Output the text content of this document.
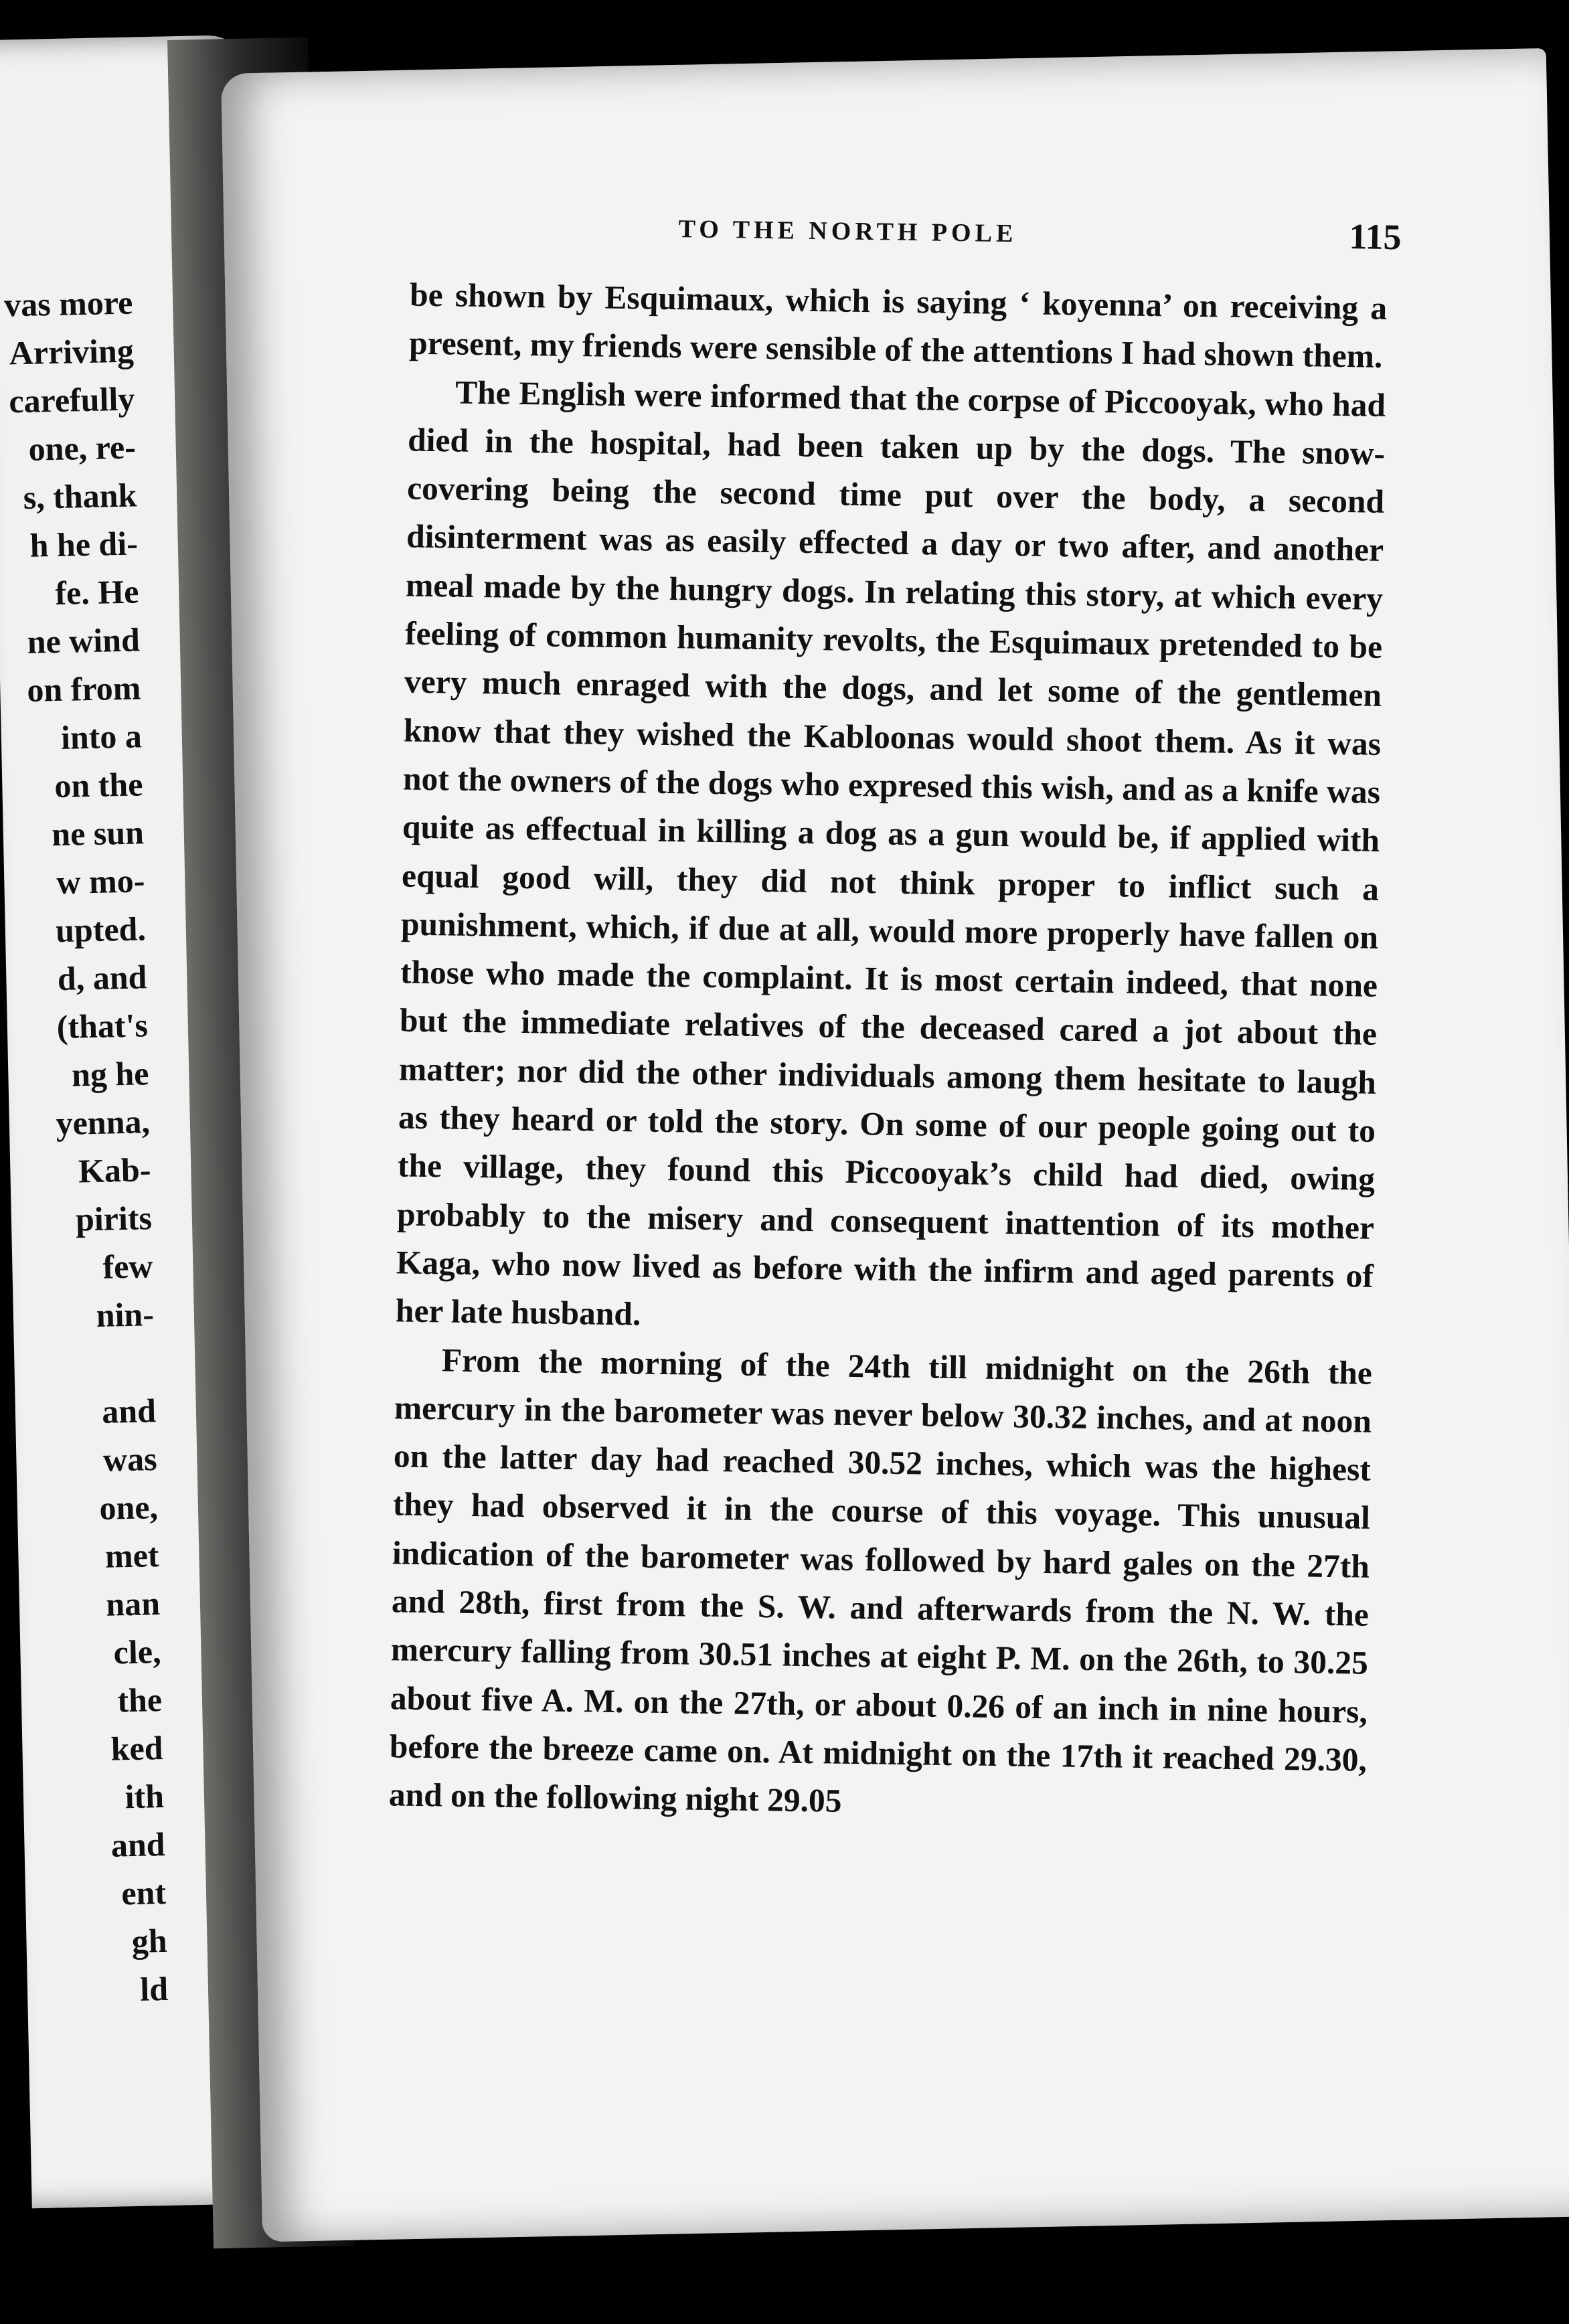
vas more
Arriving
carefully
one, re-
s, thank
h he di-
fe. He
ne wind
on from
into a
on the
ne sun
w mo-
upted.
d, and
(that's
ng he
yenna,
Kab-
pirits
few
nin-
and
was
one,
met
nan
cle,
the
ked
ith
and
ent
gh
ld
TO THE NORTH POLE	115

be shown by Esquimaux, which is saying ‘ koyenna’ on receiving a present, my friends were sensible of the attentions I had shown them.

The English were informed that the corpse of Piccooyak, who had died in the hospital, had been taken up by the dogs. The snow-covering being the second time put over the body, a second disinterment was as easily effected a day or two after, and another meal made by the hungry dogs. In relating this story, at which every feeling of common humanity revolts, the Esquimaux pretended to be very much enraged with the dogs, and let some of the gentlemen know that they wished the Kabloonas would shoot them. As it was not the owners of the dogs who expresed this wish, and as a knife was quite as effectual in killing a dog as a gun would be, if applied with equal good will, they did not think proper to inflict such a punishment, which, if due at all, would more properly have fallen on those who made the complaint. It is most certain indeed, that none but the immediate relatives of the deceased cared a jot about the matter; nor did the other individuals among them hesitate to laugh as they heard or told the story. On some of our people going out to the village, they found this Piccooyak’s child had died, owing probably to the misery and consequent inattention of its mother Kaga, who now lived as before with the infirm and aged parents of her late husband.

From the morning of the 24th till midnight on the 26th the mercury in the barometer was never below 30.32 inches, and at noon on the latter day had reached 30.52 inches, which was the highest they had observed it in the course of this voyage. This unusual indication of the barometer was followed by hard gales on the 27th and 28th, first from the S. W. and afterwards from the N. W. the mercury falling from 30.51 inches at eight P. M. on the 26th, to 30.25 about five A. M. on the 27th, or about 0.26 of an inch in nine hours, before the breeze came on. At midnight on the 17th it reached 29.30, and on the following night 29.05
